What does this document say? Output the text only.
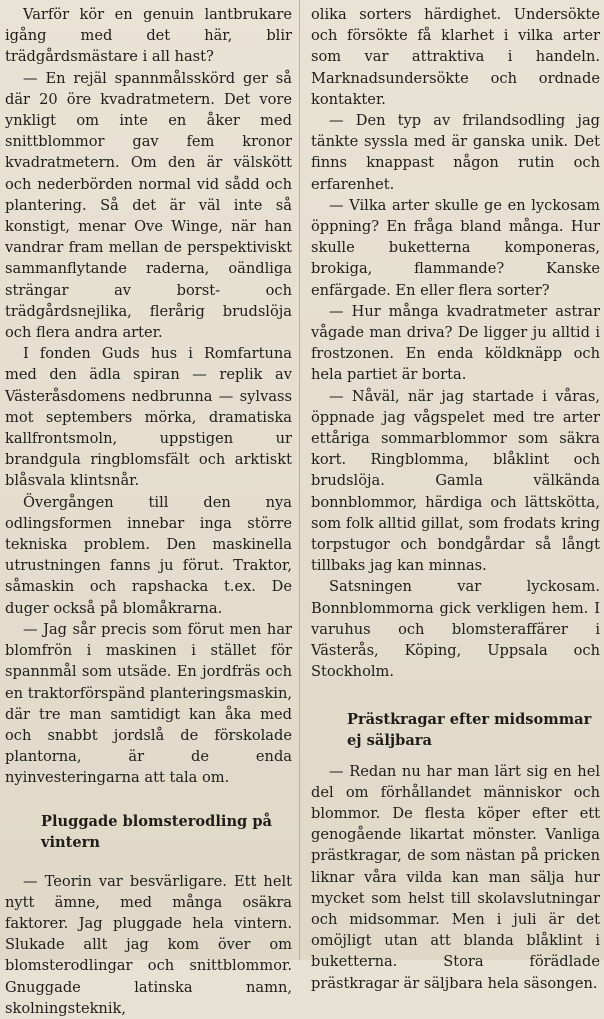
Varför kör en genuin lantbrukare igång med det här, blir trädgårdsmästare i all hast?

— En rejäl spannmålsskörd ger så där 20 öre kvadratmetern. Det vore ynkligt om inte en åker med snittblommor gav fem kronor kvadratmetern. Om den är välskött och nederbörden normal vid sådd och plantering. Så det är väl inte så konstigt, menar Ove Winge, när han vandrar fram mellan de perspektiviskt sammanflytande raderna, oändliga strängar av borst- och trädgårdsnejlika, flerårig brudslöja och flera andra arter.

I fonden Guds hus i Romfartuna med den ädla spiran — replik av Västeråsdomens nedbrunna — sylvass mot septembers mörka, dramatiska kallfrontsmoln, uppstigen ur brandgula ringblomsfält och arktiskt blåsvala klintsnår.

Övergången till den nya odlingsformen innebar inga större tekniska problem. Den maskinella utrustningen fanns ju förut. Traktor, såmaskin och rapshacka t.ex. De duger också på blomåkrarna.

— Jag sår precis som förut men har blomfrön i maskinen i stället för spannmål som utsäde. En jordfräs och en traktorförspänd planteringsmaskin, där tre man samtidigt kan åka med och snabbt jordslå de förskolade plantorna, är de enda nyinvesteringarna att tala om.

Pluggade blomsterodling på vintern

— Teorin var besvärligare. Ett helt nytt ämne, med många osäkra faktorer. Jag pluggade hela vintern. Slukade allt jag kom över om blomsterodlingar och snittblommor. Gnuggade latinska namn, skolningsteknik,

olika sorters härdighet. Undersökte och försökte få klarhet i vilka arter som var attraktiva i handeln. Marknadsundersökte och ordnade kontakter.

— Den typ av frilandsodling jag tänkte syssla med är ganska unik. Det finns knappast någon rutin och erfarenhet.

— Vilka arter skulle ge en lyckosam öppning? En fråga bland många. Hur skulle buketterna komponeras, brokiga, flammande? Kanske enfärgade. En eller flera sorter?

— Hur många kvadratmeter astrar vågade man driva? De ligger ju alltid i frostzonen. En enda köldknäpp och hela partiet är borta.

— Nåväl, när jag startade i våras, öppnade jag vågspelet med tre arter ettåriga sommarblommor som säkra kort. Ringblomma, blåklint och brudslöja. Gamla välkända bonnblommor, härdiga och lättskötta, som folk alltid gillat, som frodats kring torpstugor och bondgårdar så långt tillbaks jag kan minnas.

Satsningen var lyckosam. Bonnblommorna gick verkligen hem. I varuhus och blomsteraffärer i Västerås, Köping, Uppsala och Stockholm.

Prästkragar efter midsommar ej säljbara

— Redan nu har man lärt sig en hel del om förhållandet människor och blommor. De flesta köper efter ett genogående likartat mönster. Vanliga prästkragar, de som nästan på pricken liknar våra vilda kan man sälja hur mycket som helst till skolavslutningar och midsommar. Men i juli är det omöjligt utan att blanda blåklint i buketterna. Stora förädlade prästkragar är säljbara hela säsongen.
